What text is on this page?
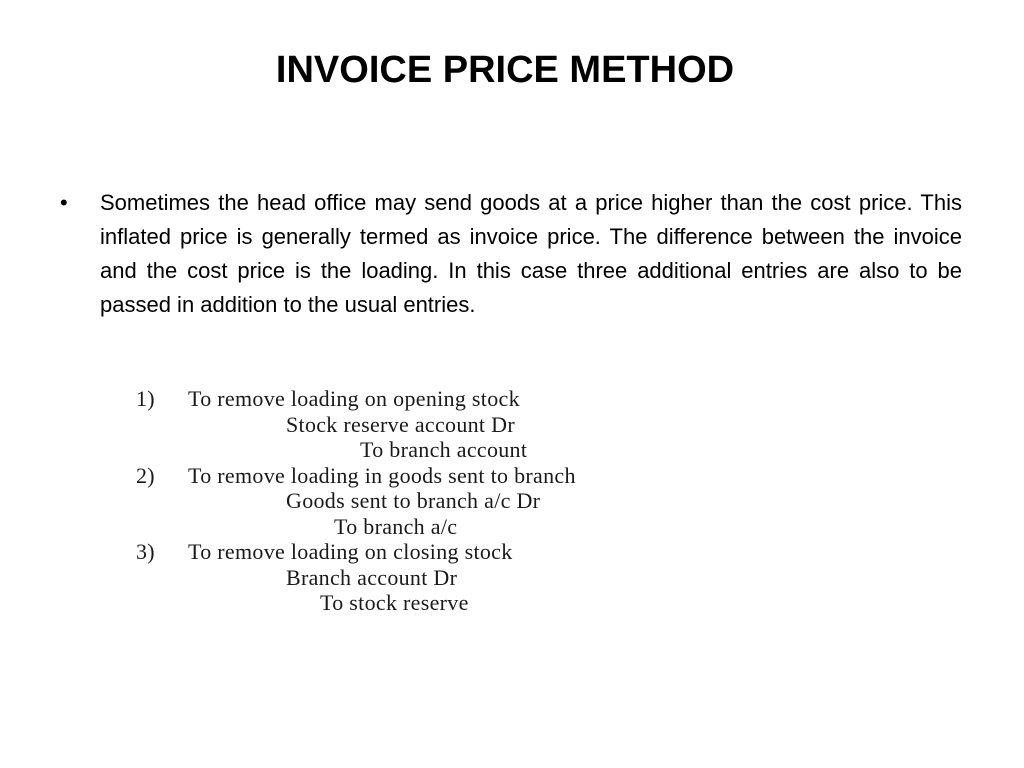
INVOICE PRICE METHOD
• Sometimes the head office may send goods at a price higher than the cost price. This inflated price is generally termed as invoice price. The difference between the invoice and the cost price is the loading. In this case three additional entries are also to be passed in addition to the usual entries.

1) To remove loading on opening stock
Stock reserve account Dr
To branch account
2) To remove loading in goods sent to branch
Goods sent to branch a/c Dr
To branch a/c
3) To remove loading on closing stock
Branch account Dr
To stock reserve
